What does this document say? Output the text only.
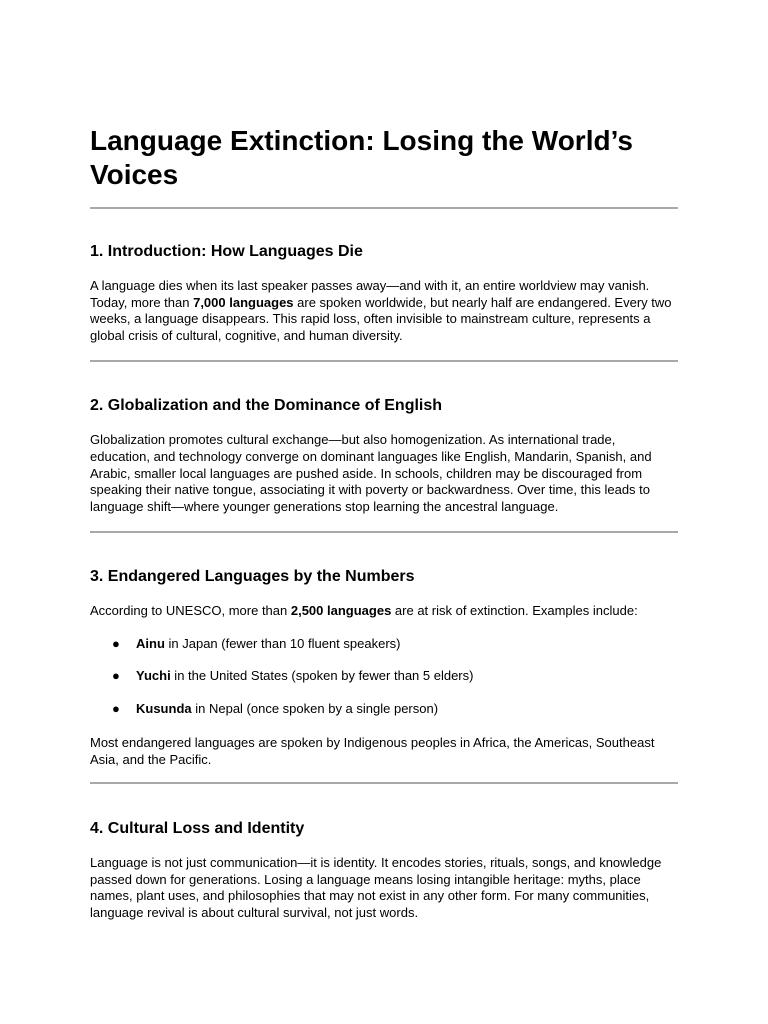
Language Extinction: Losing the World’s Voices
1. Introduction: How Languages Die

A language dies when its last speaker passes away—and with it, an entire worldview may vanish. Today, more than 7,000 languages are spoken worldwide, but nearly half are endangered. Every two weeks, a language disappears. This rapid loss, often invisible to mainstream culture, represents a global crisis of cultural, cognitive, and human diversity.

2. Globalization and the Dominance of English

Globalization promotes cultural exchange—but also homogenization. As international trade, education, and technology converge on dominant languages like English, Mandarin, Spanish, and Arabic, smaller local languages are pushed aside. In schools, children may be discouraged from speaking their native tongue, associating it with poverty or backwardness. Over time, this leads to language shift—where younger generations stop learning the ancestral language.

3. Endangered Languages by the Numbers

According to UNESCO, more than 2,500 languages are at risk of extinction. Examples include:

● Ainu in Japan (fewer than 10 fluent speakers)
● Yuchi in the United States (spoken by fewer than 5 elders)
● Kusunda in Nepal (once spoken by a single person)

Most endangered languages are spoken by Indigenous peoples in Africa, the Americas, Southeast Asia, and the Pacific.

4. Cultural Loss and Identity

Language is not just communication—it is identity. It encodes stories, rituals, songs, and knowledge passed down for generations. Losing a language means losing intangible heritage: myths, place names, plant uses, and philosophies that may not exist in any other form. For many communities, language revival is about cultural survival, not just words.
